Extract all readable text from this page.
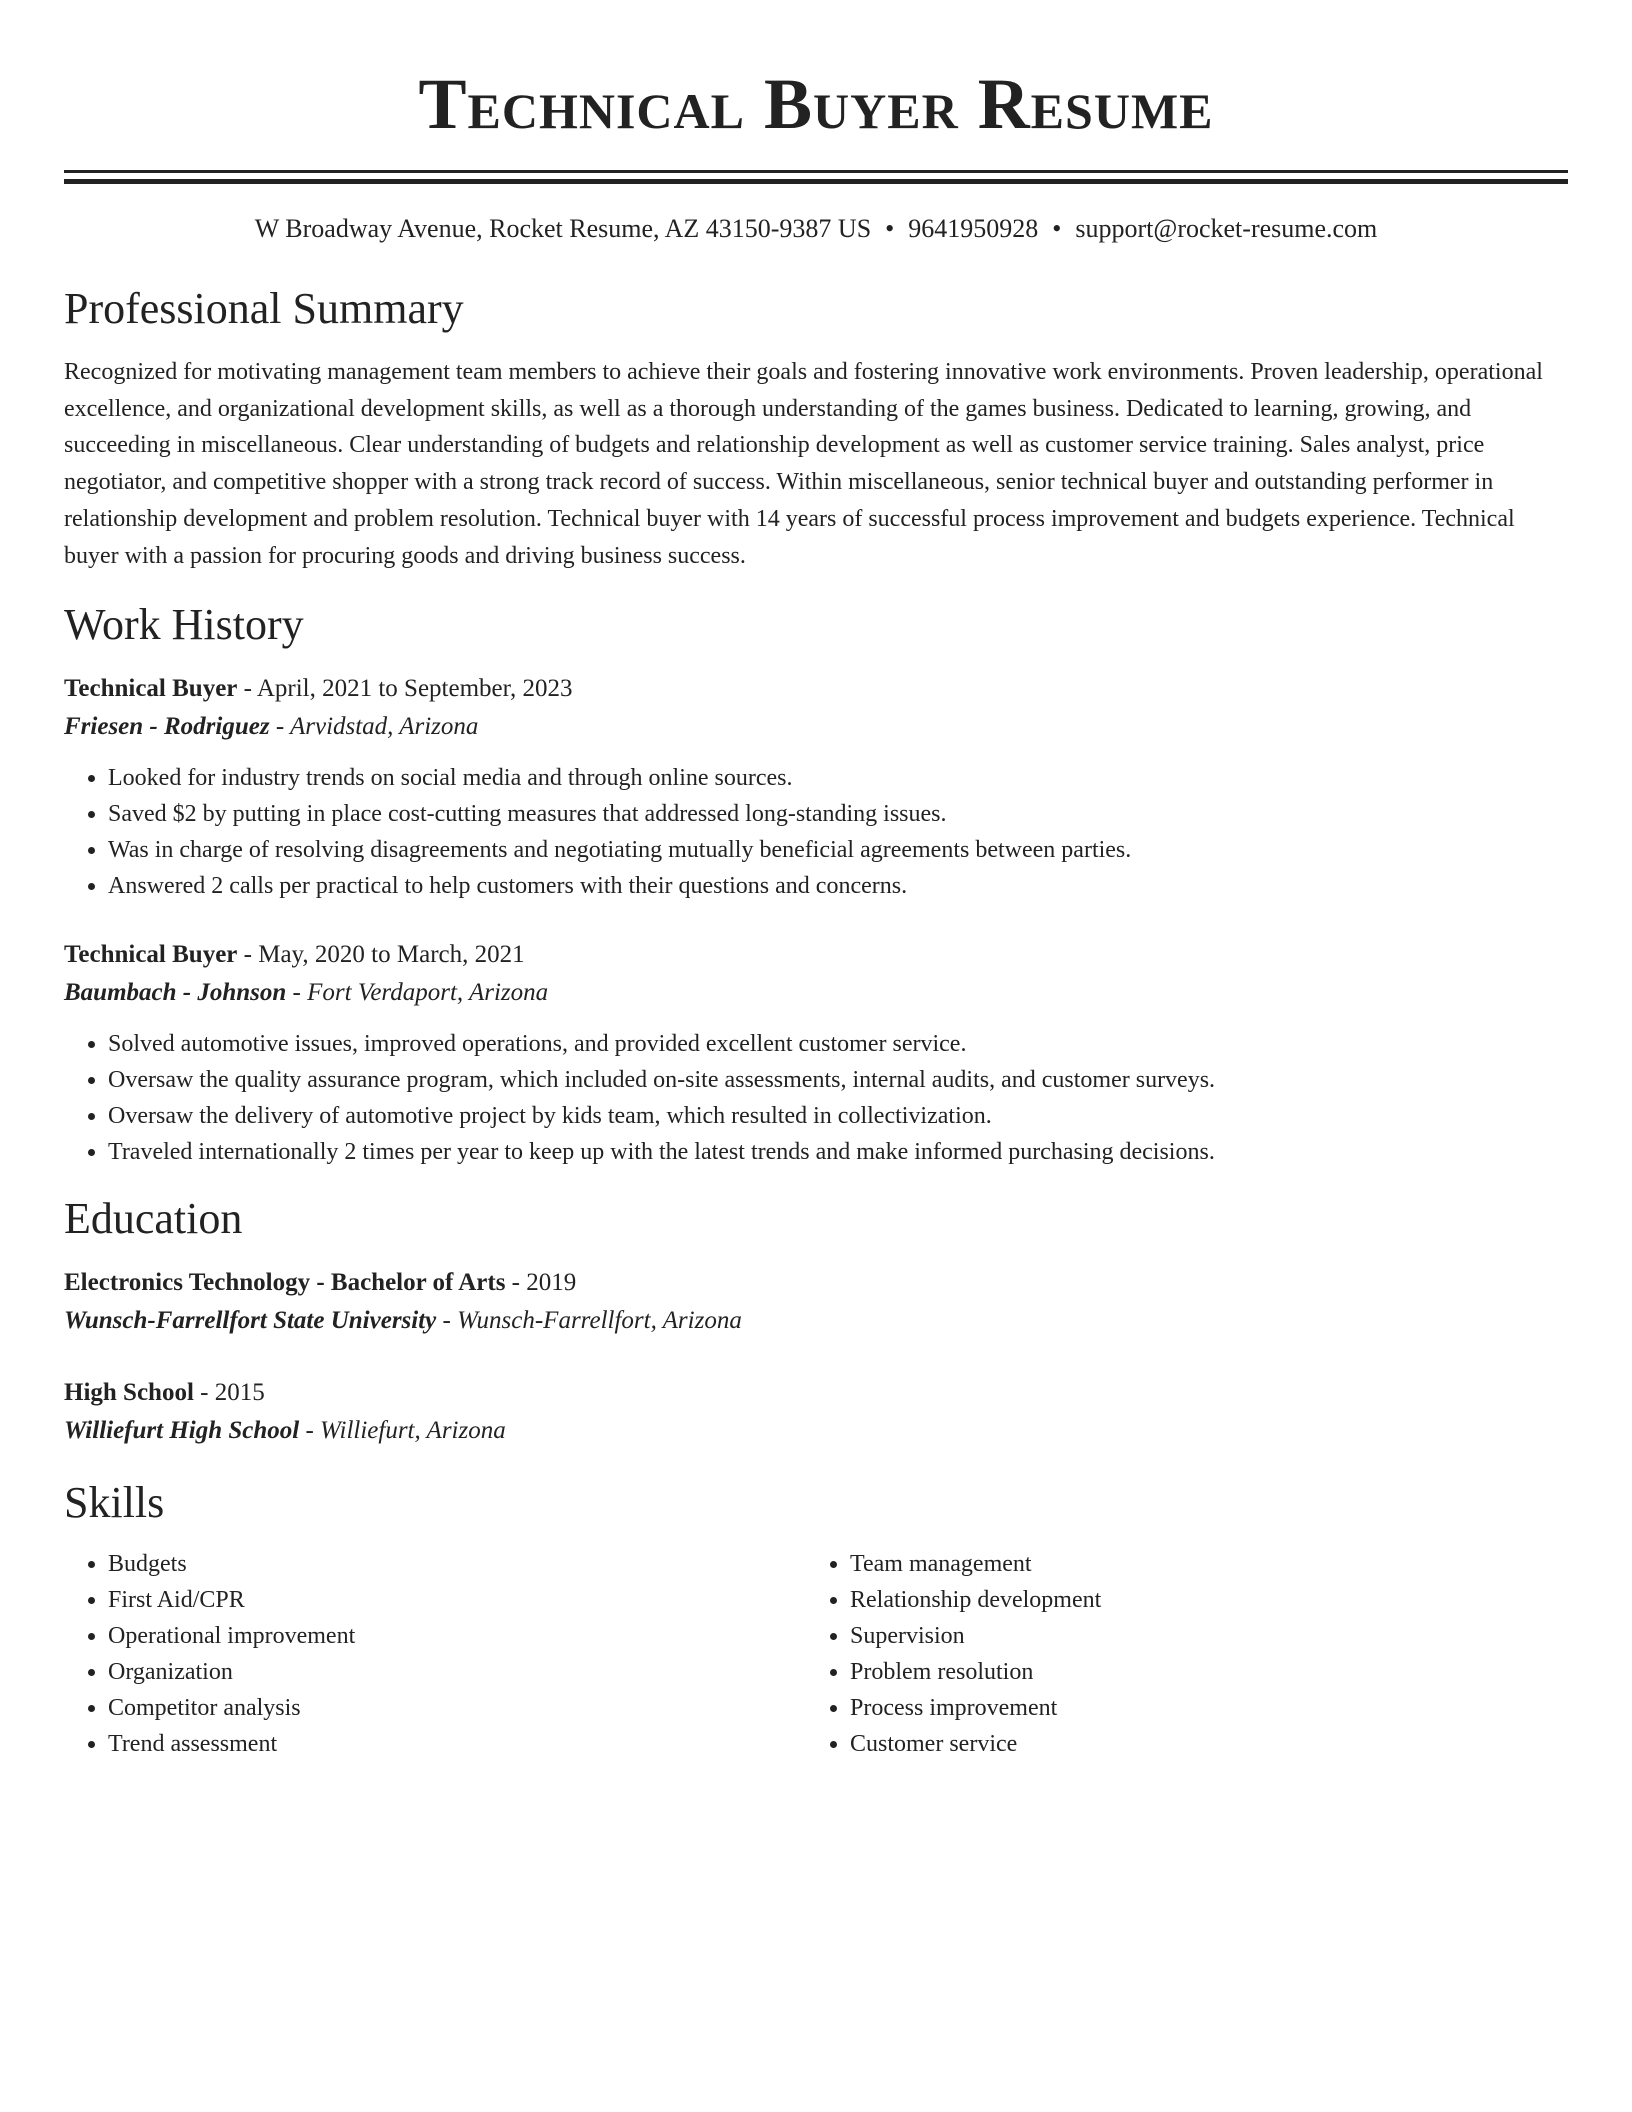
Technical Buyer Resume
W Broadway Avenue, Rocket Resume, AZ 43150-9387 US • 9641950928 • support@rocket-resume.com
Professional Summary
Recognized for motivating management team members to achieve their goals and fostering innovative work environments. Proven leadership, operational excellence, and organizational development skills, as well as a thorough understanding of the games business. Dedicated to learning, growing, and succeeding in miscellaneous. Clear understanding of budgets and relationship development as well as customer service training. Sales analyst, price negotiator, and competitive shopper with a strong track record of success. Within miscellaneous, senior technical buyer and outstanding performer in relationship development and problem resolution. Technical buyer with 14 years of successful process improvement and budgets experience. Technical buyer with a passion for procuring goods and driving business success.
Work History
Technical Buyer - April, 2021 to September, 2023
Friesen - Rodriguez - Arvidstad, Arizona
• Looked for industry trends on social media and through online sources.
• Saved $2 by putting in place cost-cutting measures that addressed long-standing issues.
• Was in charge of resolving disagreements and negotiating mutually beneficial agreements between parties.
• Answered 2 calls per practical to help customers with their questions and concerns.
Technical Buyer - May, 2020 to March, 2021
Baumbach - Johnson - Fort Verdaport, Arizona
• Solved automotive issues, improved operations, and provided excellent customer service.
• Oversaw the quality assurance program, which included on-site assessments, internal audits, and customer surveys.
• Oversaw the delivery of automotive project by kids team, which resulted in collectivization.
• Traveled internationally 2 times per year to keep up with the latest trends and make informed purchasing decisions.
Education
Electronics Technology - Bachelor of Arts - 2019
Wunsch-Farrellfort State University - Wunsch-Farrellfort, Arizona
High School - 2015
Williefurt High School - Williefurt, Arizona
Skills
• Budgets
• First Aid/CPR
• Operational improvement
• Organization
• Competitor analysis
• Trend assessment
• Team management
• Relationship development
• Supervision
• Problem resolution
• Process improvement
• Customer service
